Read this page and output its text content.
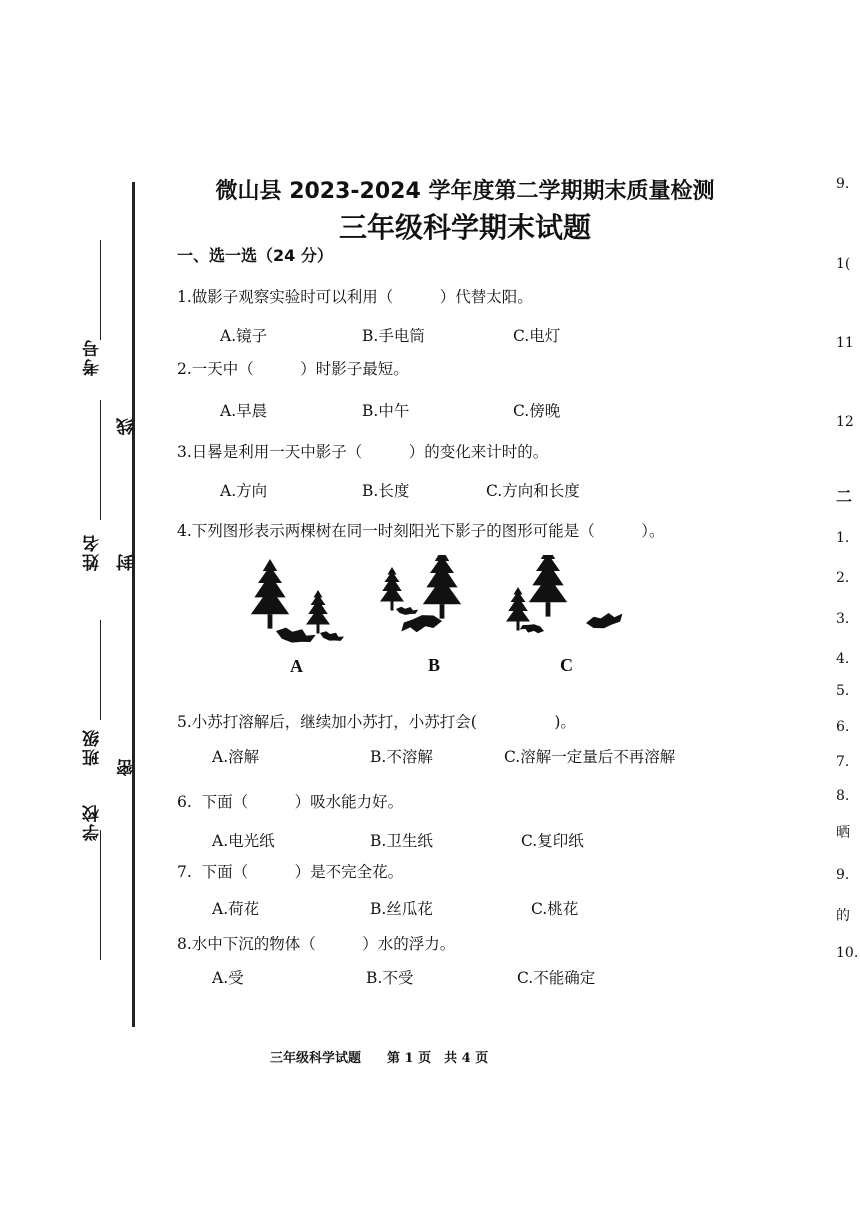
考号
姓名
班级
学校
线
封
密
微山县 2023-2024 学年度第二学期期末质量检测
三年级科学期末试题
一、选一选（24 分）
1.做影子观察实验时可以利用（　　　）代替太阳。
A.镜子	B.手电筒	C.电灯
2.一天中（　　　）时影子最短。
A.早晨	B.中午	C.傍晚
3.日晷是利用一天中影子（　　　）的变化来计时的。
A.方向	B.长度	C.方向和长度
4.下列图形表示两棵树在同一时刻阳光下影子的图形可能是（　　　）。
A	B	C
5.小苏打溶解后，继续加小苏打，小苏打会(　　　　　)。
A.溶解	B.不溶解	C.溶解一定量后不再溶解
6.  下面（　　　）吸水能力好。
A.电光纸	B.卫生纸	C.复印纸
7.  下面（　　　）是不完全花。
A.荷花	B.丝瓜花	C.桃花
8.水中下沉的物体（　　　）水的浮力。
A.受	B.不受	C.不能确定
三年级科学试题　　第 1 页　共 4 页
9.
1(
11
12
二
1.
2.
3.
4.
5.
6.
7.
8.
晒
9.
的
10.
